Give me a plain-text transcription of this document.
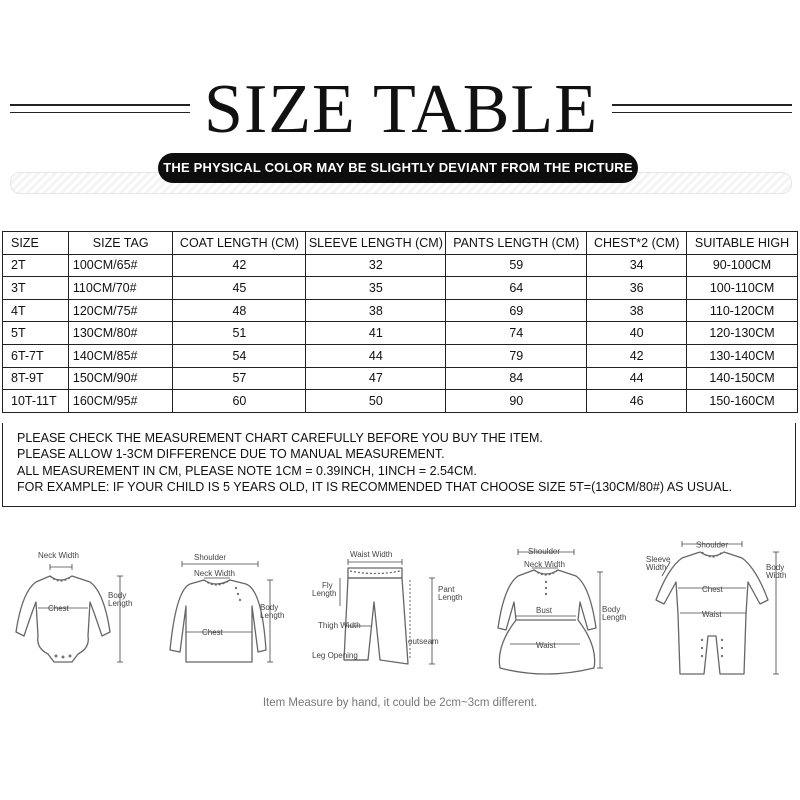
SIZE TABLE
THE PHYSICAL COLOR MAY BE SLIGHTLY DEVIANT FROM THE PICTURE
SIZE	SIZE TAG	COAT LENGTH (CM)	SLEEVE LENGTH (CM)	PANTS LENGTH (CM)	CHEST*2 (CM)	SUITABLE HIGH
2T	100CM/65#	42	32	59	34	90-100CM
3T	110CM/70#	45	35	64	36	100-110CM
4T	120CM/75#	48	38	69	38	110-120CM
5T	130CM/80#	51	41	74	40	120-130CM
6T-7T	140CM/85#	54	44	79	42	130-140CM
8T-9T	150CM/90#	57	47	84	44	140-150CM
10T-11T	160CM/95#	60	50	90	46	150-160CM
PLEASE CHECK THE MEASUREMENT CHART CAREFULLY BEFORE YOU BUY THE ITEM.
PLEASE ALLOW 1-3CM DIFFERENCE DUE TO MANUAL MEASUREMENT.
ALL MEASUREMENT IN CM, PLEASE NOTE 1CM = 0.39INCH, 1INCH = 2.54CM.
FOR EXAMPLE: IF YOUR CHILD IS 5 YEARS OLD, IT IS RECOMMENDED THAT CHOOSE SIZE 5T=(130CM/80#) AS USUAL.
Neck Width
Chest
Body
Length
Shoulder
Neck Width
Chest
Body
Length
Waist Width
Fly
Length
Thigh Width
Leg Opening
Pant
Length
outseam
Shoulder
Neck Width
Bust
Waist
Body
Length
Shoulder
Sleeve
Width
Chest
Waist
Body
Width
Item Measure by hand, it could be 2cm~3cm different.
